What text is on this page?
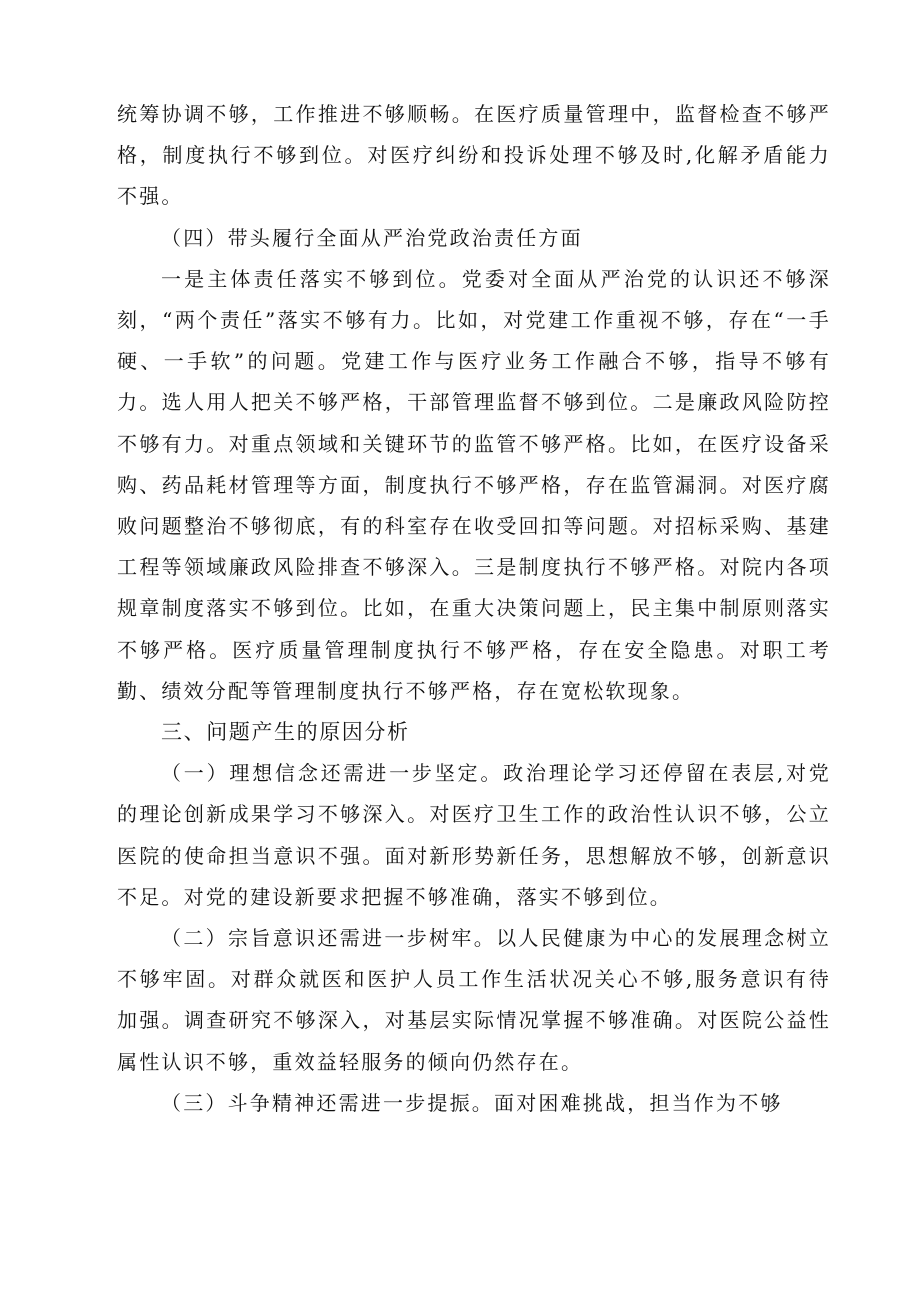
统筹协调不够，工作推进不够顺畅。在医疗质量管理中，监督检查不够严格，制度执行不够到位。对医疗纠纷和投诉处理不够及时,化解矛盾能力不强。

（四）带头履行全面从严治党政治责任方面

一是主体责任落实不够到位。党委对全面从严治党的认识还不够深刻，“两个责任”落实不够有力。比如，对党建工作重视不够，存在“一手硬、一手软”的问题。党建工作与医疗业务工作融合不够，指导不够有力。选人用人把关不够严格，干部管理监督不够到位。二是廉政风险防控不够有力。对重点领域和关键环节的监管不够严格。比如，在医疗设备采购、药品耗材管理等方面，制度执行不够严格，存在监管漏洞。对医疗腐败问题整治不够彻底，有的科室存在收受回扣等问题。对招标采购、基建工程等领域廉政风险排查不够深入。三是制度执行不够严格。对院内各项规章制度落实不够到位。比如，在重大决策问题上，民主集中制原则落实不够严格。医疗质量管理制度执行不够严格，存在安全隐患。对职工考勤、绩效分配等管理制度执行不够严格，存在宽松软现象。

三、问题产生的原因分析

（一）理想信念还需进一步坚定。政治理论学习还停留在表层,对党的理论创新成果学习不够深入。对医疗卫生工作的政治性认识不够，公立医院的使命担当意识不强。面对新形势新任务，思想解放不够，创新意识不足。对党的建设新要求把握不够准确，落实不够到位。

（二）宗旨意识还需进一步树牢。以人民健康为中心的发展理念树立不够牢固。对群众就医和医护人员工作生活状况关心不够,服务意识有待加强。调查研究不够深入，对基层实际情况掌握不够准确。对医院公益性属性认识不够，重效益轻服务的倾向仍然存在。

（三）斗争精神还需进一步提振。面对困难挑战，担当作为不够
